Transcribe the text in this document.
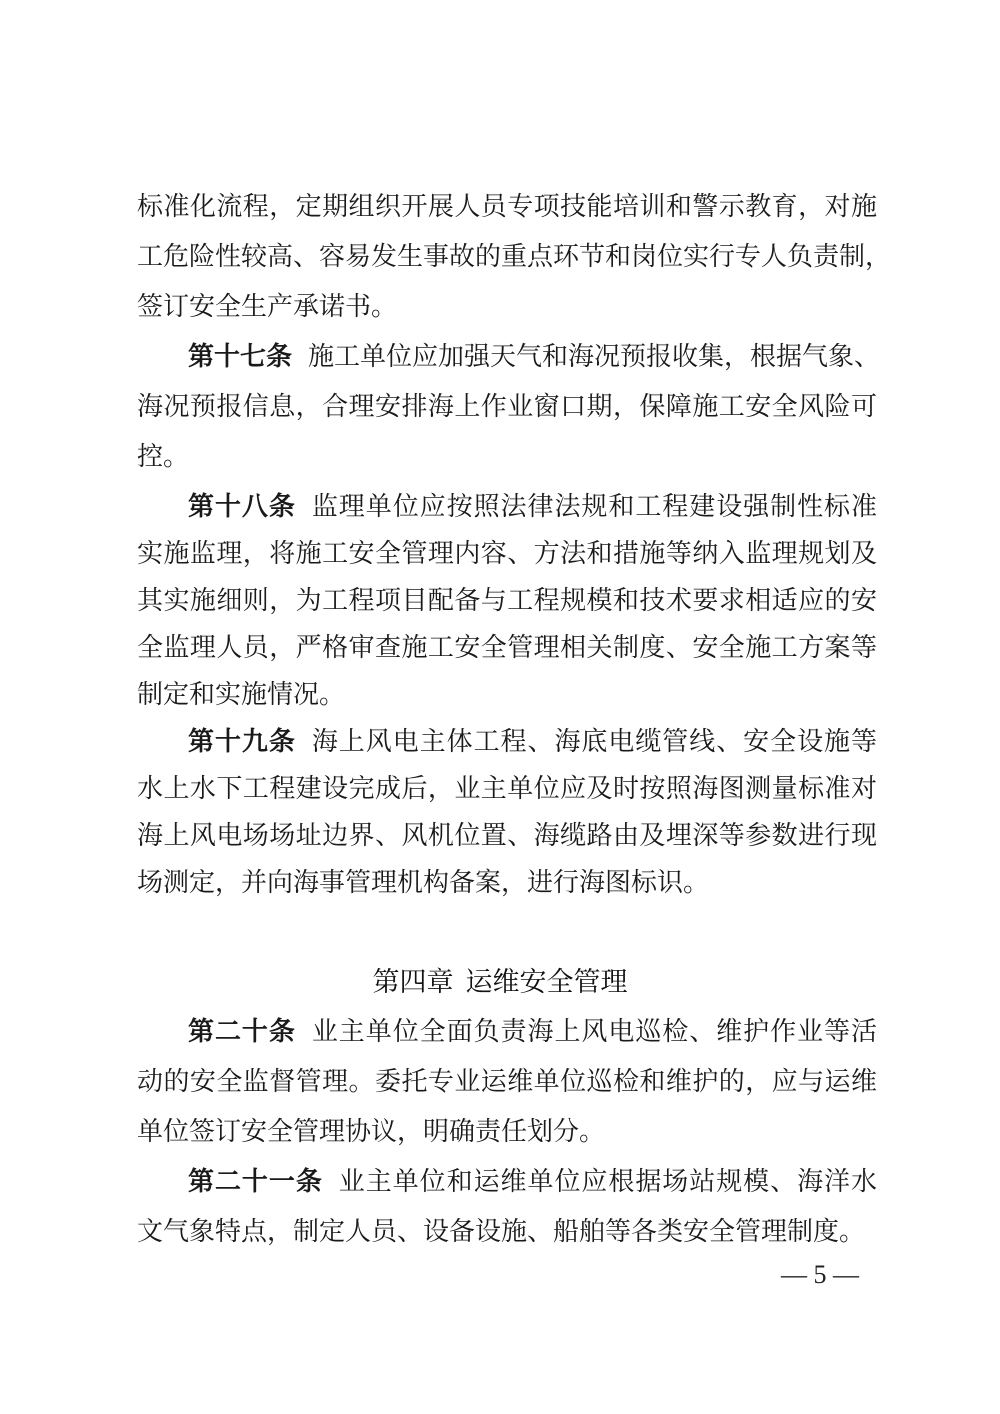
标准化流程，定期组织开展人员专项技能培训和警示教育，对施
工危险性较高、容易发生事故的重点环节和岗位实行专人负责制，
签订安全生产承诺书。
第十七条 施工单位应加强天气和海况预报收集，根据气象、
海况预报信息，合理安排海上作业窗口期，保障施工安全风险可
控。
第十八条 监理单位应按照法律法规和工程建设强制性标准
实施监理，将施工安全管理内容、方法和措施等纳入监理规划及
其实施细则，为工程项目配备与工程规模和技术要求相适应的安
全监理人员，严格审查施工安全管理相关制度、安全施工方案等
制定和实施情况。
第十九条 海上风电主体工程、海底电缆管线、安全设施等
水上水下工程建设完成后，业主单位应及时按照海图测量标准对
海上风电场场址边界、风机位置、海缆路由及埋深等参数进行现
场测定，并向海事管理机构备案，进行海图标识。
第四章 运维安全管理
第二十条 业主单位全面负责海上风电巡检、维护作业等活
动的安全监督管理。委托专业运维单位巡检和维护的，应与运维
单位签订安全管理协议，明确责任划分。
第二十一条 业主单位和运维单位应根据场站规模、海洋水
文气象特点，制定人员、设备设施、船舶等各类安全管理制度。
— 5 —
